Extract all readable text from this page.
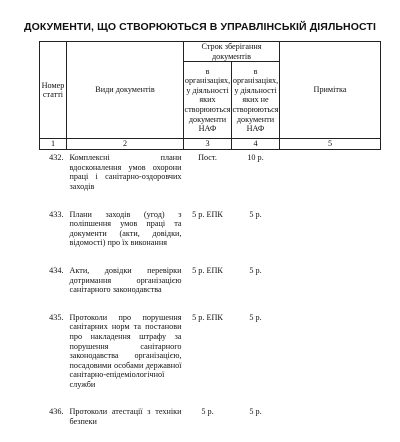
ДОКУМЕНТИ, ЩО СТВОРЮЮТЬСЯ В УПРАВЛІНСЬКІЙ ДІЯЛЬНОСТІ
Номер статті	Види документів	Строк зберігання документів		Примітка
		в організаціях, у діяльності яких створюються документи НАФ	в організаціях, у діяльності яких не створюються документи НАФ	
1	2	3	4	5
432.	Комплексні плани вдосконалення умов охорони праці і санітарно-оздоровчих заходів	Пост.	10 р.	
433.	Плани заходів (угод) з поліпшення умов праці та документи (акти, довідки, відомості) про їх виконання	5 р. ЕПК	5 р.	
434.	Акти, довідки перевірки дотримання організацією санітарного законодавства	5 р. ЕПК	5 р.	
435.	Протоколи про порушення санітарних норм та постанови про накладення штрафу за порушення санітарного законодавства організацією, посадовими особами державної санітарно-епідеміологічної служби	5 р. ЕПК	5 р.	
436.	Протоколи атестації з техніки безпеки	5 р.	5 р.	
